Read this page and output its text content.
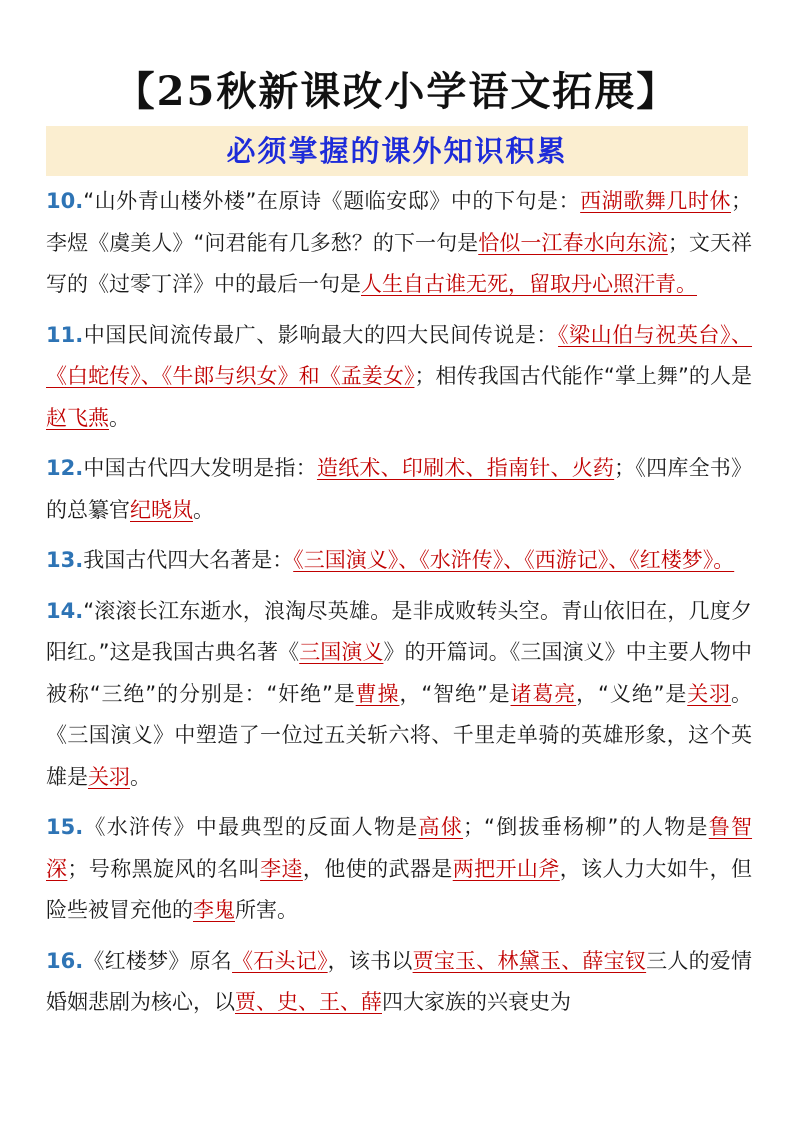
【25秋新课改小学语文拓展】
必须掌握的课外知识积累

10.“山外青山楼外楼”在原诗《题临安邸》中的下句是：西湖歌舞几时休；李煜《虞美人》“问君能有几多愁？的下一句是恰似一江春水向东流；文天祥写的《过零丁洋》中的最后一句是人生自古谁无死，留取丹心照汗青。

11.中国民间流传最广、影响最大的四大民间传说是：《梁山伯与祝英台》、《白蛇传》、《牛郎与织女》和《孟姜女》；相传我国古代能作“掌上舞”的人是赵飞燕。

12.中国古代四大发明是指：造纸术、印刷术、指南针、火药；《四库全书》的总纂官纪晓岚。

13.我国古代四大名著是：《三国演义》、《水浒传》、《西游记》、《红楼梦》。

14.“滚滚长江东逝水，浪淘尽英雄。是非成败转头空。青山依旧在，几度夕阳红。”这是我国古典名著《三国演义》的开篇词。《三国演义》中主要人物中被称“三绝”的分别是：“奸绝”是曹操，“智绝”是诸葛亮，“义绝”是关羽。《三国演义》中塑造了一位过五关斩六将、千里走单骑的英雄形象，这个英雄是关羽。

15.《水浒传》中最典型的反面人物是高俅；“倒拔垂杨柳”的人物是鲁智深；号称黑旋风的名叫李逵，他使的武器是两把开山斧，该人力大如牛，但险些被冒充他的李鬼所害。

16.《红楼梦》原名《石头记》，该书以贾宝玉、林黛玉、薛宝钗三人的爱情婚姻悲剧为核心，以贾、史、王、薛四大家族的兴衰史为
